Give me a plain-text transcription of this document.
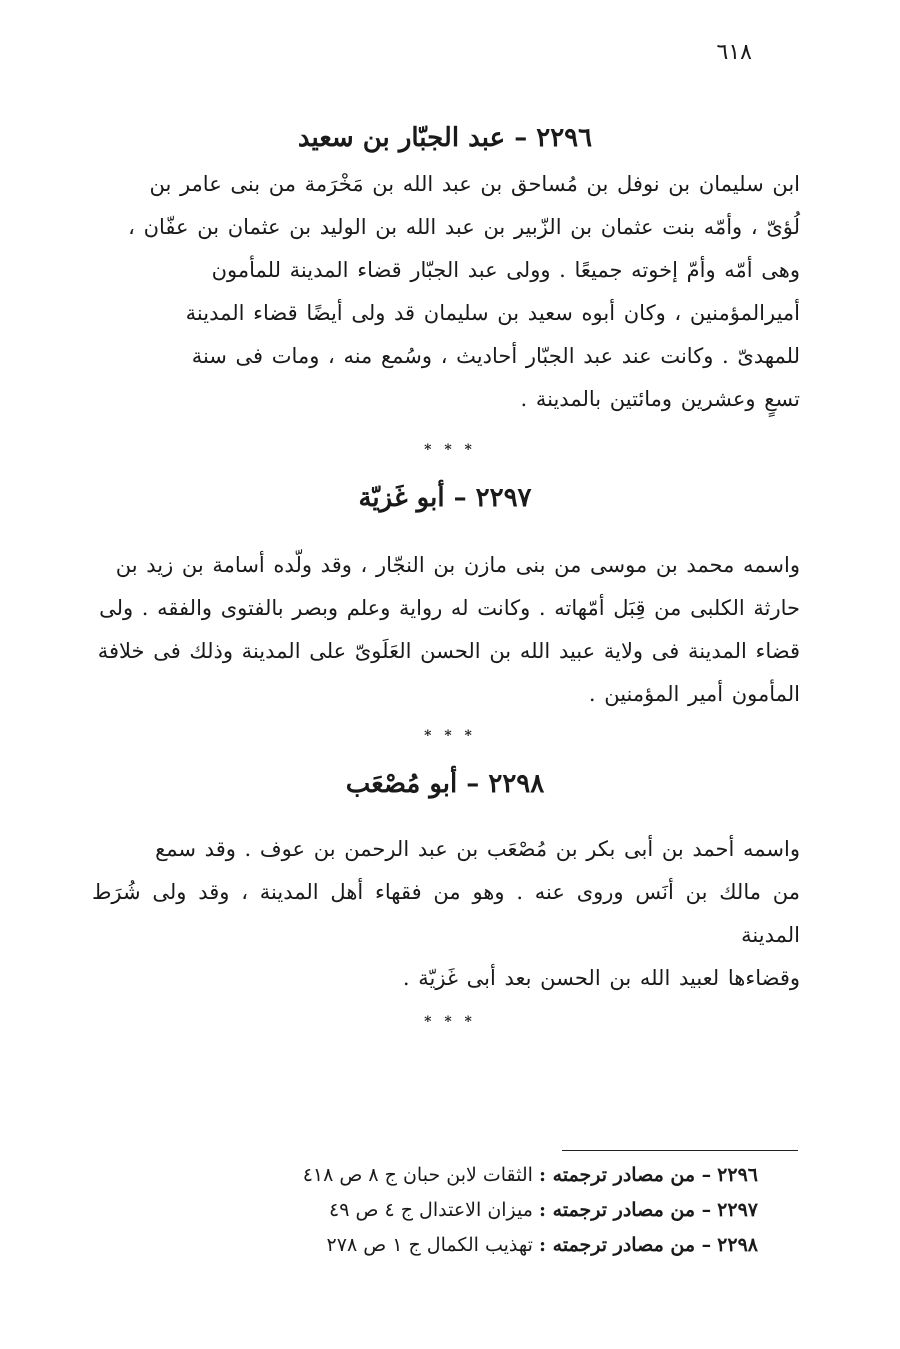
٦١٨
٢٢٩٦ – عبد الجبّار بن سعيد
ابن سليمان بن نوفل بن مُساحق بن عبد الله بن مَخْرَمة من بنى عامر بن
لُؤىّ ، وأمّه بنت عثمان بن الزّبير بن عبد الله بن الوليد بن عثمان بن عفّان ،
وهى أمّه وأمّ إخوته جميعًا . وولى عبد الجبّار قضاء المدينة للمأمون
أميرالمؤمنين ، وكان أبوه سعيد بن سليمان قد ولى أيضًا قضاء المدينة
للمهدىّ . وكانت عند عبد الجبّار أحاديث ، وسُمع منه ، ومات فى سنة
تسعٍ وعشرين ومائتين بالمدينة .
* * *
٢٢٩٧ – أبو غَزيّة
واسمه محمد بن موسى من بنى مازن بن النجّار ، وقد ولّده أسامة بن زيد بن
حارثة الكلبى من قِبَل أمّهاته . وكانت له رواية وعلم وبصر بالفتوى والفقه . ولى
قضاء المدينة فى ولاية عبيد الله بن الحسن العَلَوىّ على المدينة وذلك فى خلافة
المأمون أمير المؤمنين .
* * *
٢٢٩٨ – أبو مُصْعَب
واسمه أحمد بن أبى بكر بن مُصْعَب بن عبد الرحمن بن عوف . وقد سمع
من مالك بن أنَس وروى عنه . وهو من فقهاء أهل المدينة ، وقد ولى شُرَط المدينة
وقضاءها لعبيد الله بن الحسن بعد أبى غَزيّة .
* * *
٢٢٩٦ – من مصادر ترجمته : الثقات لابن حبان ج ٨ ص ٤١٨
٢٢٩٧ – من مصادر ترجمته : ميزان الاعتدال ج ٤ ص ٤٩
٢٢٩٨ – من مصادر ترجمته : تهذيب الكمال ج ١ ص ٢٧٨
